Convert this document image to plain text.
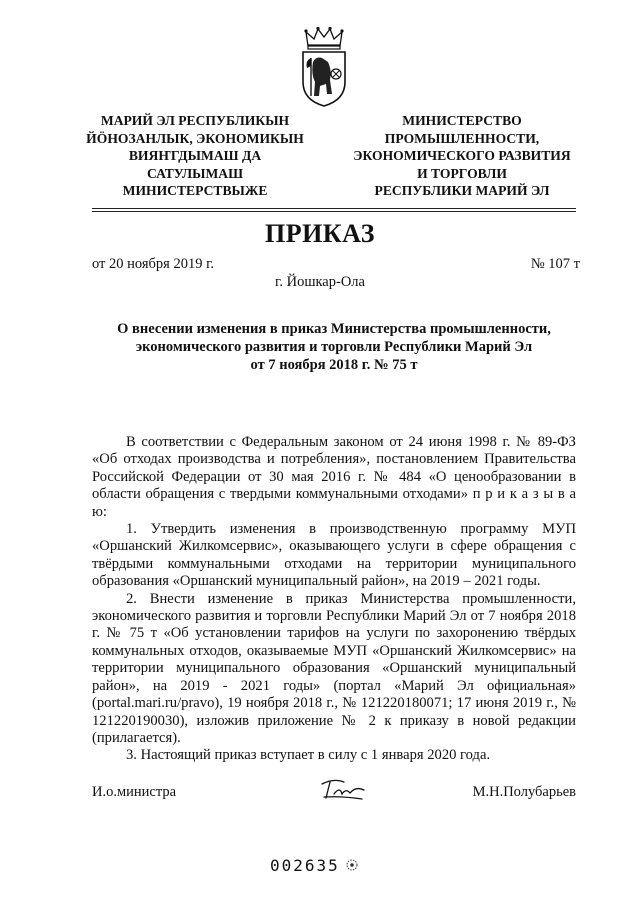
МАРИЙ ЭЛ РЕСПУБЛИКЫН
ЙӦНОЗАНЛЫК, ЭКОНОМИКЫН
ВИЯҤГДЫМАШ ДА
САТУЛЫМАШ
МИНИСТЕРСТВЫЖЕ
МИНИСТЕРСТВО
ПРОМЫШЛЕННОСТИ,
ЭКОНОМИЧЕСКОГО РАЗВИТИЯ
И ТОРГОВЛИ
РЕСПУБЛИКИ МАРИЙ ЭЛ
ПРИКАЗ
от 20 ноября 2019 г.	№ 107 т
г. Йошкар-Ола
О внесении изменения в приказ Министерства промышленности,
экономического развития и торговли Республики Марий Эл
от 7 ноября 2018 г. № 75 т

В соответствии с Федеральным законом от 24 июня 1998 г. № 89-ФЗ «Об отходах производства и потребления», постановлением Правительства Российской Федерации от 30 мая 2016 г. № 484 «О ценообразовании в области обращения с твердыми коммунальными отходами» п р и к а з ы в а ю:

1. Утвердить изменения в производственную программу МУП «Оршанский Жилкомсервис», оказывающего услуги в сфере обращения с твёрдыми коммунальными отходами на территории муниципального образования «Оршанский муниципальный район», на 2019 – 2021 годы.

2. Внести изменение в приказ Министерства промышленности, экономического развития и торговли Республики Марий Эл от 7 ноября 2018 г. № 75 т «Об установлении тарифов на услуги по захоронению твёрдых коммунальных отходов, оказываемые МУП «Оршанский Жилкомсервис» на территории муниципального образования «Оршанский муниципальный район», на 2019 - 2021 годы» (портал «Марий Эл официальная» (portal.mari.ru/pravo), 19 ноября 2018 г., № 121220180071; 17 июня 2019 г., № 121220190030), изложив приложение № 2 к приказу в новой редакции (прилагается).

3. Настоящий приказ вступает в силу с 1 января 2020 года.

И.о.министра	М.Н.Полубарьев
002635
